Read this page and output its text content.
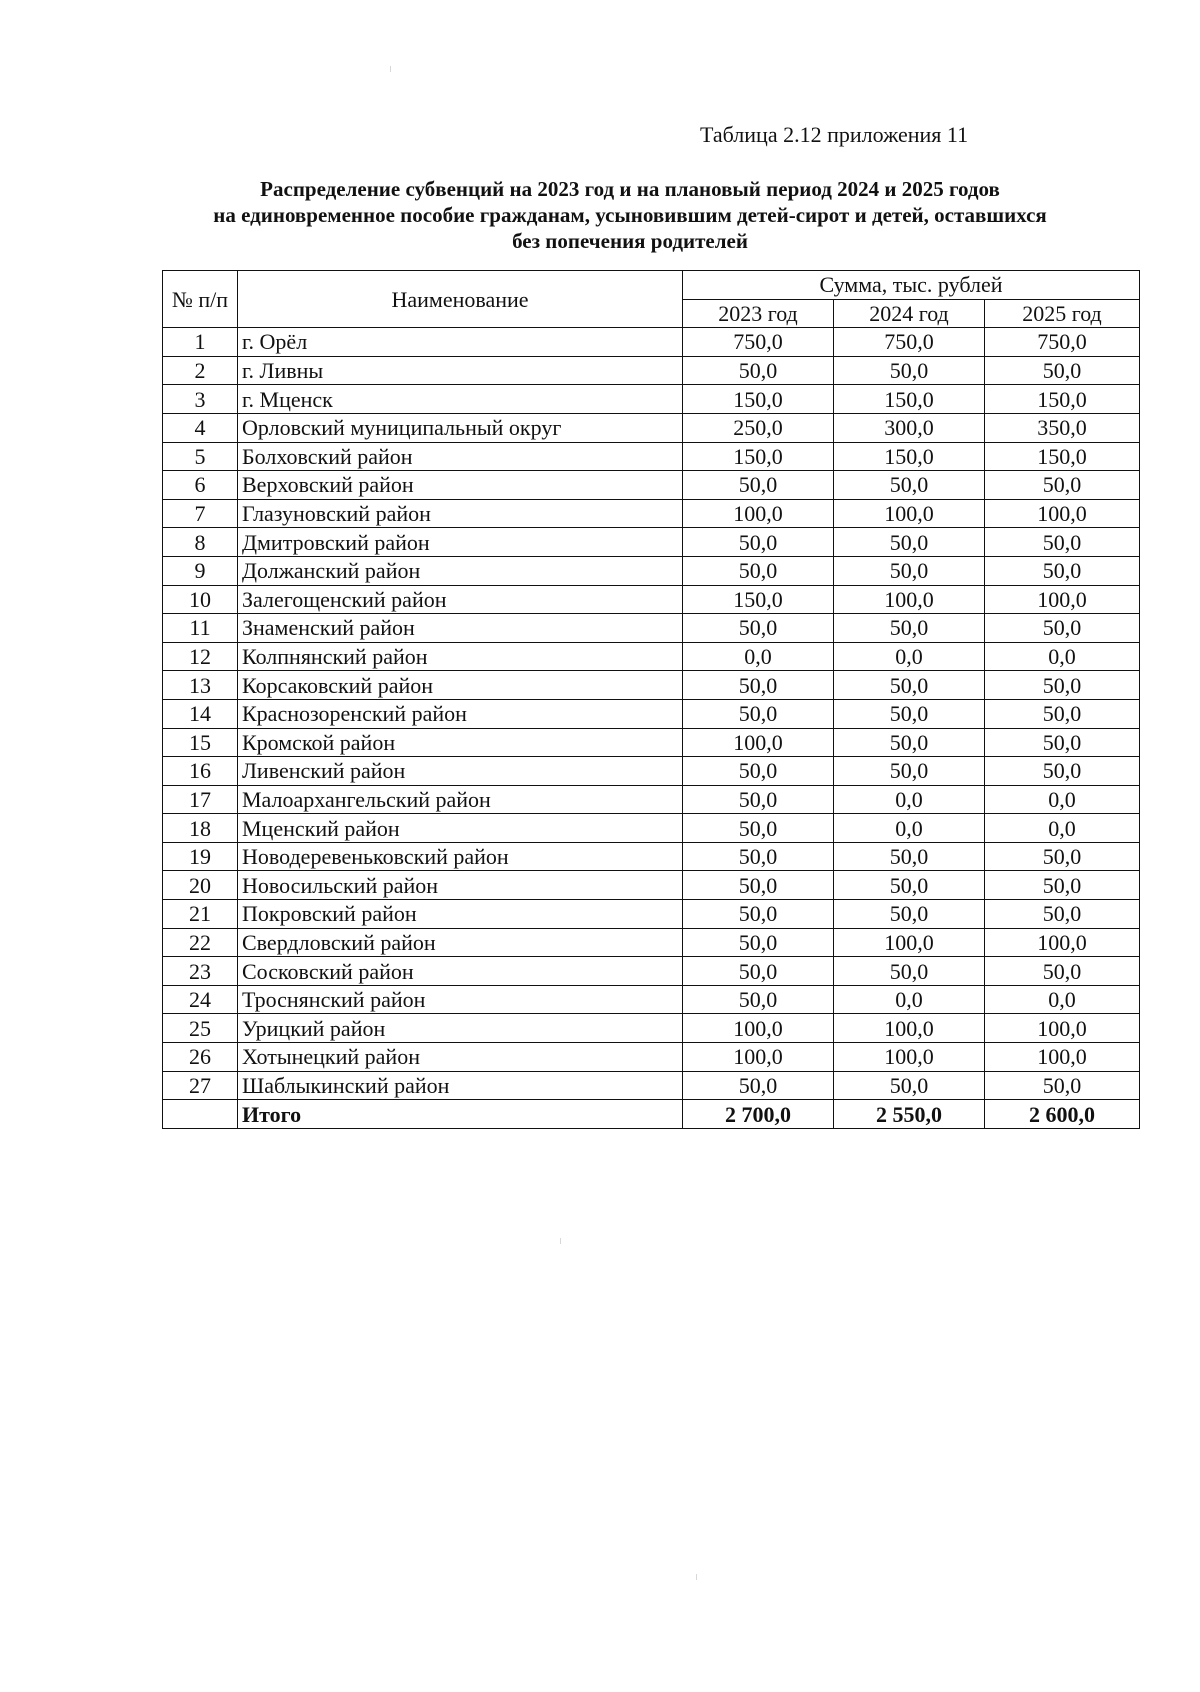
Таблица 2.12 приложения 11
Распределение субвенций на 2023 год и на плановый период 2024 и 2025 годов
на единовременное пособие гражданам, усыновившим детей-сирот и детей, оставшихся
без попечения родителей
№ п/п	Наименование	Сумма, тыс. рублей		
		2023 год	2024 год	2025 год
1	г. Орёл	750,0	750,0	750,0
2	г. Ливны	50,0	50,0	50,0
3	г. Мценск	150,0	150,0	150,0
4	Орловский муниципальный округ	250,0	300,0	350,0
5	Болховский район	150,0	150,0	150,0
6	Верховский район	50,0	50,0	50,0
7	Глазуновский район	100,0	100,0	100,0
8	Дмитровский район	50,0	50,0	50,0
9	Должанский район	50,0	50,0	50,0
10	Залегощенский район	150,0	100,0	100,0
11	Знаменский район	50,0	50,0	50,0
12	Колпнянский район	0,0	0,0	0,0
13	Корсаковский район	50,0	50,0	50,0
14	Краснозоренский район	50,0	50,0	50,0
15	Кромской район	100,0	50,0	50,0
16	Ливенский район	50,0	50,0	50,0
17	Малоархангельский район	50,0	0,0	0,0
18	Мценский район	50,0	0,0	0,0
19	Новодеревеньковский район	50,0	50,0	50,0
20	Новосильский район	50,0	50,0	50,0
21	Покровский район	50,0	50,0	50,0
22	Свердловский район	50,0	100,0	100,0
23	Сосковский район	50,0	50,0	50,0
24	Троснянский район	50,0	0,0	0,0
25	Урицкий район	100,0	100,0	100,0
26	Хотынецкий район	100,0	100,0	100,0
27	Шаблыкинский район	50,0	50,0	50,0
	Итого	2 700,0	2 550,0	2 600,0
